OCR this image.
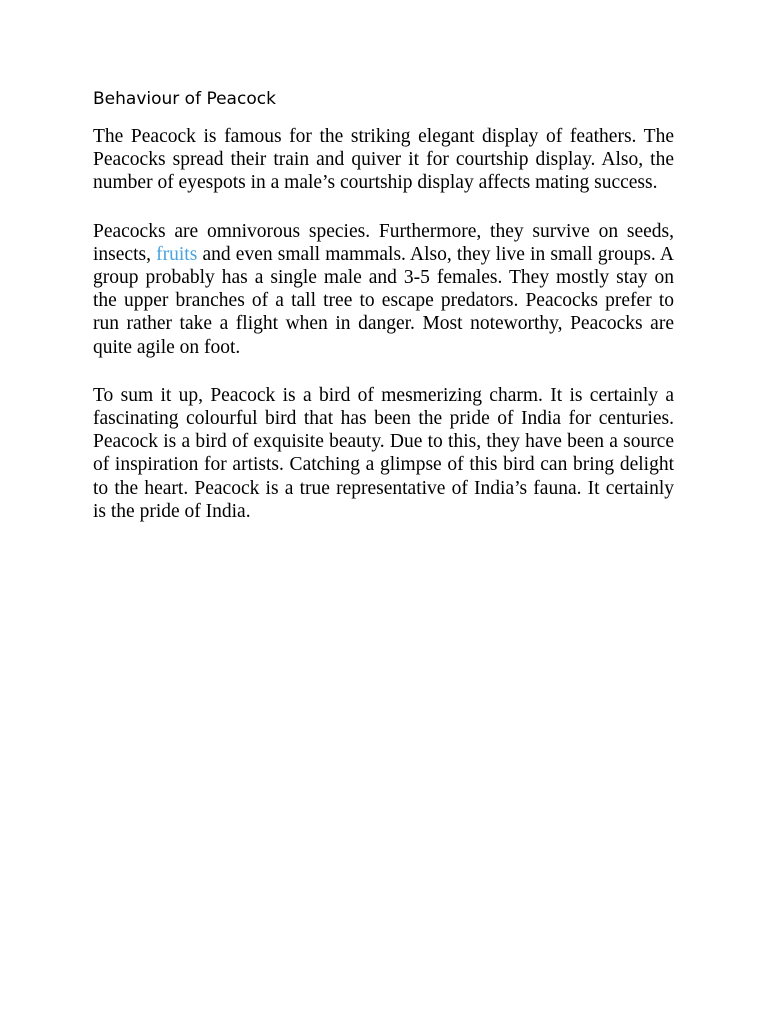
Behaviour of Peacock

The Peacock is famous for the striking elegant display of feathers. The Peacocks spread their train and quiver it for courtship display. Also, the number of eyespots in a male’s courtship display affects mating success.

Peacocks are omnivorous species. Furthermore, they survive on seeds, insects, fruits and even small mammals. Also, they live in small groups. A group probably has a single male and 3-5 females. They mostly stay on the upper branches of a tall tree to escape predators. Peacocks prefer to run rather take a flight when in danger. Most noteworthy, Peacocks are quite agile on foot.

To sum it up, Peacock is a bird of mesmerizing charm. It is certainly a fascinating colourful bird that has been the pride of India for centuries. Peacock is a bird of exquisite beauty. Due to this, they have been a source of inspiration for artists. Catching a glimpse of this bird can bring delight to the heart. Peacock is a true representative of India’s fauna. It certainly is the pride of India.
